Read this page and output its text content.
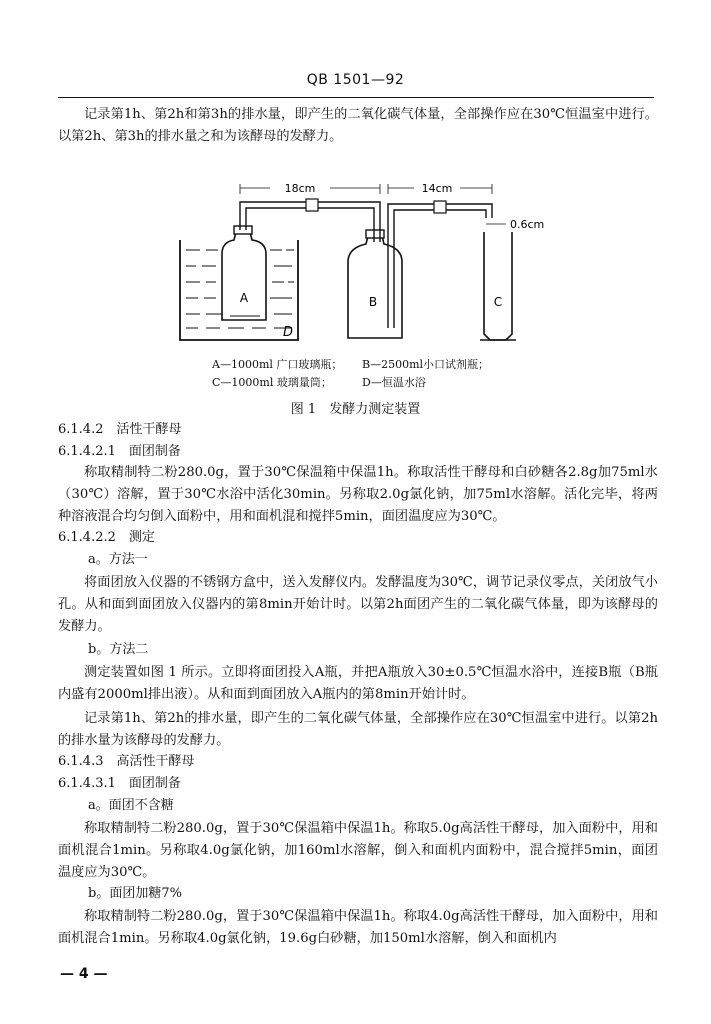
QB 1501—92
记录第1h、第2h和第3h的排水量，即产生的二氧化碳气体量，全部操作应在30℃恒温室中进行。以第2h、第3h的排水量之和为该酵母的发酵力。
18cm	14cm
0.6cm
A	B	C
D
A—1000ml 广口玻璃瓶； B—2500ml小口试剂瓶；
C—1000ml 玻璃量筒；	D—恒温水浴
图 1　发酵力测定装置
6.1.4.2　活性干酵母
6.1.4.2.1　面团制备
称取精制特二粉280.0g，置于30℃保温箱中保温1h。称取活性干酵母和白砂糖各2.8g加75ml水（30℃）溶解，置于30℃水浴中活化30min。另称取2.0g氯化钠，加75ml水溶解。活化完毕，将两种溶液混合均匀倒入面粉中，用和面机混和搅拌5min，面团温度应为30℃。
6.1.4.2.2　测定
a。方法一
将面团放入仪器的不锈钢方盒中，送入发酵仪内。发酵温度为30℃，调节记录仪零点，关闭放气小孔。从和面到面团放入仪器内的第8min开始计时。以第2h面团产生的二氧化碳气体量，即为该酵母的发酵力。
b。方法二
测定装置如图 1 所示。立即将面团投入A瓶，并把A瓶放入30±0.5℃恒温水浴中，连接B瓶（B瓶内盛有2000ml排出液）。从和面到面团放入A瓶内的第8min开始计时。
记录第1h、第2h的排水量，即产生的二氧化碳气体量，全部操作应在30℃恒温室中进行。以第2h的排水量为该酵母的发酵力。
6.1.4.3　高活性干酵母
6.1.4.3.1　面团制备
a。面团不含糖
称取精制特二粉280.0g，置于30℃保温箱中保温1h。称取5.0g高活性干酵母，加入面粉中，用和面机混合1min。另称取4.0g氯化钠，加160ml水溶解，倒入和面机内面粉中，混合搅拌5min，面团温度应为30℃。
b。面团加糖7%
称取精制特二粉280.0g，置于30℃保温箱中保温1h。称取4.0g高活性干酵母，加入面粉中，用和面机混合1min。另称取4.0g氯化钠，19.6g白砂糖，加150ml水溶解，倒入和面机内
— 4 —
